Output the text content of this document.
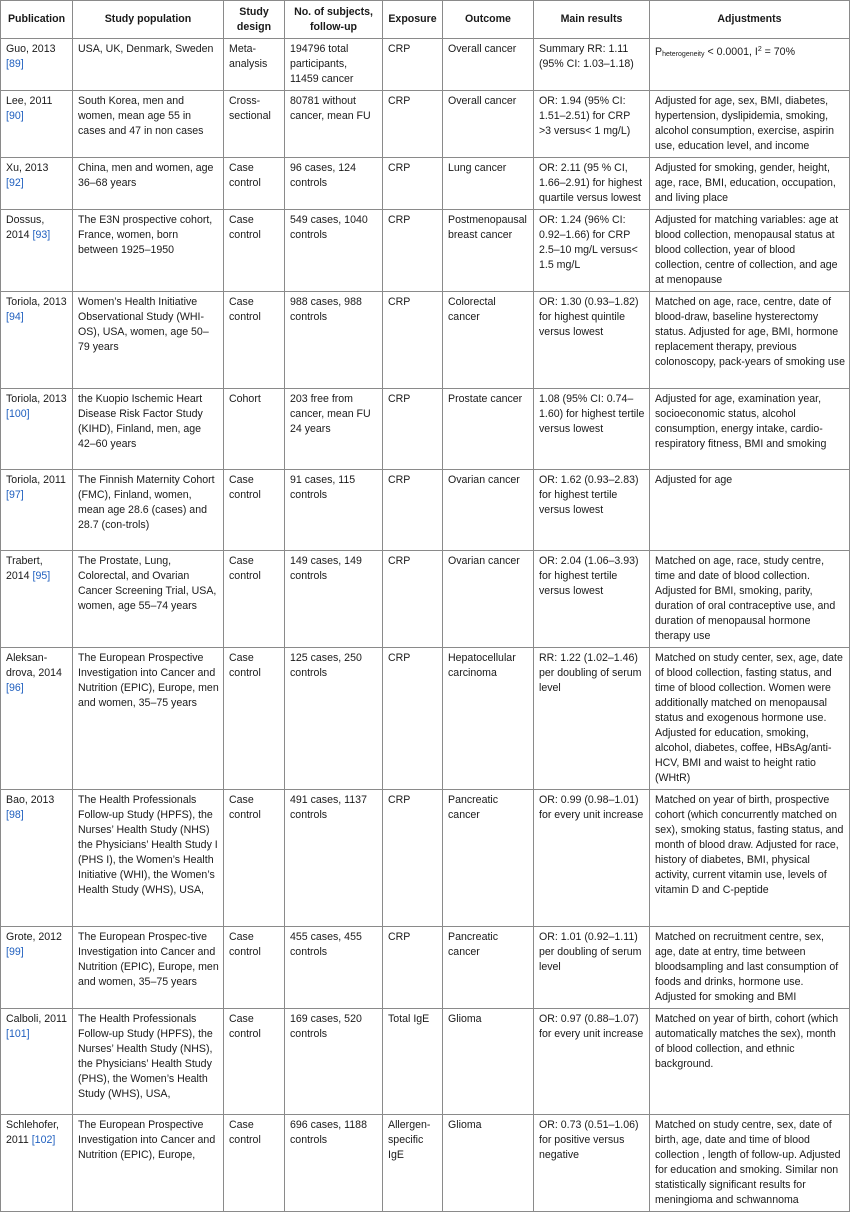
Publication	Study population	Study design	No. of subjects, follow-up	Exposure	Outcome	Main results	Adjustments
Guo, 2013 [89]	USA, UK, Denmark, Sweden	Meta-analysis	194796 total participants, 11459 cancer	CRP	Overall cancer	Summary RR: 1.11 (95% CI: 1.03–1.18)	$P_{heterogeneity} < 0.0001$, $I^2 = 70\%$
Lee, 2011 [90]	South Korea, men and women, mean age 55 in cases and 47 in non cases	Cross-sectional	80781 without cancer, mean FU	CRP	Overall cancer	OR: 1.94 (95% CI: 1.51–2.51) for CRP >3 versus< 1 mg/L)	Adjusted for age, sex, BMI, diabetes, hypertension, dyslipidemia, smoking, alcohol consumption, exercise, aspirin use, education level, and income
Xu, 2013 [92]	China, men and women, age 36–68 years	Case control	96 cases, 124 controls	CRP	Lung cancer	OR: 2.11 (95 % CI, 1.66–2.91) for highest quartile versus lowest	Adjusted for smoking, gender, height, age, race, BMI, education, occupation, and living place
Dossus, 2014 [93]	The E3N prospective cohort, France, women, born between 1925–1950	Case control	549 cases, 1040 controls	CRP	Postmenopausal breast cancer	OR: 1.24 (96% CI: 0.92–1.66) for CRP 2.5–10 mg/L versus< 1.5 mg/L	Adjusted for matching variables: age at blood collection, menopausal status at blood collection, year of blood collection, centre of collection, and age at menopause
Toriola, 2013 [94]	Women’s Health Initiative Observational Study (WHI-OS), USA, women, age 50–79 years	Case control	988 cases, 988 controls	CRP	Colorectal cancer	OR: 1.30 (0.93–1.82) for highest quintile versus lowest	Matched on age, race, centre, date of blood-draw, baseline hysterectomy status. Adjusted for age, BMI, hormone replacement therapy, previous colonoscopy, pack-years of smoking use
Toriola, 2013 [100]	the Kuopio Ischemic Heart Disease Risk Factor Study (KIHD), Finland, men, age 42–60 years	Cohort	203 free from cancer, mean FU 24 years	CRP	Prostate cancer	1.08 (95% CI: 0.74–1.60) for highest tertile versus lowest	Adjusted for age, examination year, socioeconomic status, alcohol consumption, energy intake, cardio-respiratory fitness, BMI and smoking
Toriola, 2011 [97]	The Finnish Maternity Cohort (FMC), Finland, women, mean age 28.6 (cases) and 28.7 (con-trols)	Case control	91 cases, 115 controls	CRP	Ovarian cancer	OR: 1.62 (0.93–2.83) for highest tertile versus lowest	Adjusted for age
Trabert, 2014 [95]	The Prostate, Lung, Colorectal, and Ovarian Cancer Screening Trial, USA, women, age 55–74 years	Case control	149 cases, 149 controls	CRP	Ovarian cancer	OR: 2.04 (1.06–3.93) for highest tertile versus lowest	Matched on age, race, study centre, time and date of blood collection. Adjusted for BMI, smoking, parity, duration of oral contraceptive use, and duration of menopausal hormone therapy use
Aleksan-drova, 2014 [96]	The European Prospective Investigation into Cancer and Nutrition (EPIC), Europe, men and women, 35–75 years	Case control	125 cases, 250 controls	CRP	Hepatocellular carcinoma	RR: 1.22 (1.02–1.46) per doubling of serum level	Matched on study center, sex, age, date of blood collection, fasting status, and time of blood collection. Women were additionally matched on menopausal status and exogenous hormone use. Adjusted for education, smoking, alcohol, diabetes, coffee, HBsAg/anti-HCV, BMI and waist to height ratio (WHtR)
Bao, 2013 [98]	The Health Professionals Follow-up Study (HPFS), the Nurses’ Health Study (NHS) the Physicians’ Health Study I (PHS I), the Women’s Health Initiative (WHI), the Women’s Health Study (WHS), USA,	Case control	491 cases, 1137 controls	CRP	Pancreatic cancer	OR: 0.99 (0.98–1.01) for every unit increase	Matched on year of birth, prospective cohort (which concurrently matched on sex), smoking status, fasting status, and month of blood draw. Adjusted for race, history of diabetes, BMI, physical activity, current vitamin use, levels of vitamin D and C-peptide
Grote, 2012 [99]	The European Prospec-tive Investigation into Cancer and Nutrition (EPIC), Europe, men and women, 35–75 years	Case control	455 cases, 455 controls	CRP	Pancreatic cancer	OR: 1.01 (0.92–1.11) per doubling of serum level	Matched on recruitment centre, sex, age, date at entry, time between bloodsampling and last consumption of foods and drinks, hormone use. Adjusted for smoking and BMI
Calboli, 2011 [101]	The Health Professionals Follow-up Study (HPFS), the Nurses’ Health Study (NHS), the Physicians’ Health Study (PHS), the Women’s Health Study (WHS), USA,	Case control	169 cases, 520 controls	Total IgE	Glioma	OR: 0.97 (0.88–1.07) for every unit increase	Matched on year of birth, cohort (which automatically matches the sex), month of blood collection, and ethnic background.
Schlehofer, 2011 [102]	The European Prospective Investigation into Cancer and Nutrition (EPIC), Europe,	Case control	696 cases, 1188 controls	Allergen-specific IgE	Glioma	OR: 0.73 (0.51–1.06) for positive versus negative	Matched on study centre, sex, date of birth, age, date and time of blood collection , length of follow-up. Adjusted for education and smoking. Similar non statistically significant results for meningioma and schwannoma
